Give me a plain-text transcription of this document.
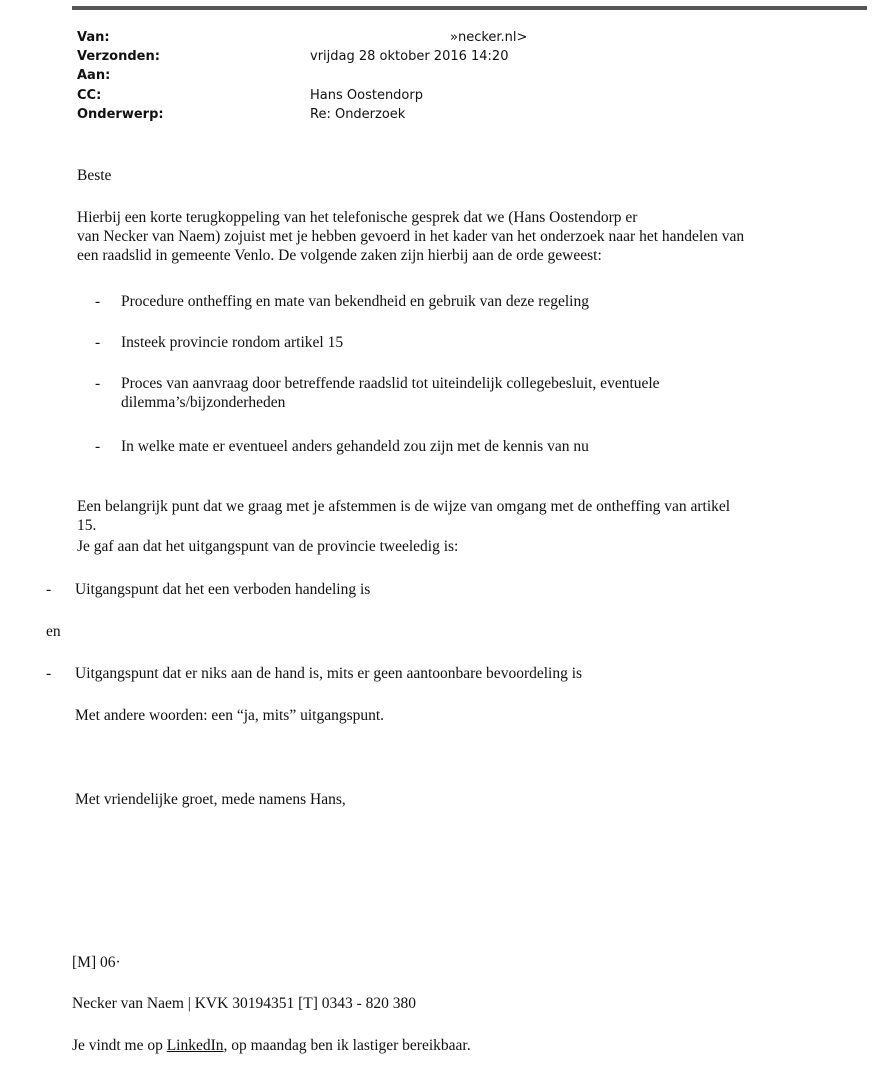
Van:	»necker.nl>
Verzonden:	vrijdag 28 oktober 2016 14:20
Aan:
CC:	Hans Oostendorp
Onderwerp:	Re: Onderzoek
Beste
Hierbij een korte terugkoppeling van het telefonische gesprek dat we (Hans Oostendorp er
van Necker van Naem) zojuist met je hebben gevoerd in het kader van het onderzoek naar het handelen van
een raadslid in gemeente Venlo. De volgende zaken zijn hierbij aan de orde geweest:
- Procedure ontheffing en mate van bekendheid en gebruik van deze regeling
- Insteek provincie rondom artikel 15
- Proces van aanvraag door betreffende raadslid tot uiteindelijk collegebesluit, eventuele
dilemma’s/bijzonderheden
- In welke mate er eventueel anders gehandeld zou zijn met de kennis van nu
Een belangrijk punt dat we graag met je afstemmen is de wijze van omgang met de ontheffing van artikel
15.
Je gaf aan dat het uitgangspunt van de provincie tweeledig is:
- Uitgangspunt dat het een verboden handeling is
en
- Uitgangspunt dat er niks aan de hand is, mits er geen aantoonbare bevoordeling is
Met andere woorden: een “ja, mits” uitgangspunt.
Met vriendelijke groet, mede namens Hans,
[M] 06·
Necker van Naem | KVK 30194351 [T] 0343 - 820 380
Je vindt me op LinkedIn, op maandag ben ik lastiger bereikbaar.
